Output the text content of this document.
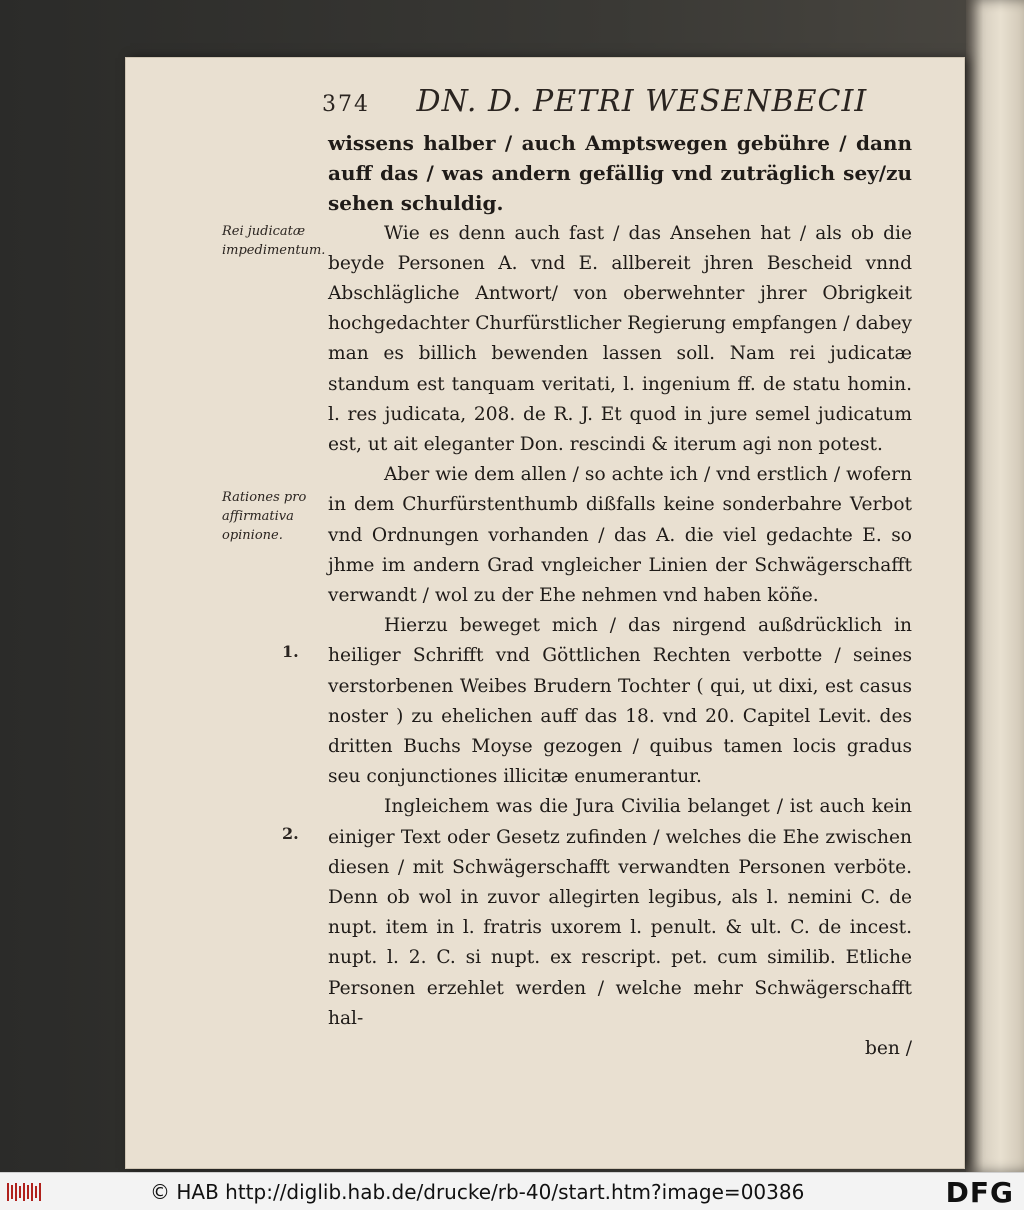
374 DN. D. PETRI WESENBECII
Rei judicatæ impedimentum.
Rationes pro affirmativa opinione.
1.
2.

wissens halber / auch Amptswegen gebühre / dann auff das / was andern gefällig vnd zuträglich sey/zu sehen schuldig.

Wie es denn auch fast / das Ansehen hat / als ob die beyde Personen A. vnd E. allbereit jhren Bescheid vnnd Abschlägliche Antwort/ von oberwehnter jhrer Obrigkeit hochgedachter Churfürstlicher Regierung empfangen / dabey man es billich bewenden lassen soll. Nam rei judicatæ standum est tanquam veritati, l. ingenium ff. de statu homin. l. res judicata, 208. de R. J. Et quod in jure semel judicatum est, ut ait eleganter Don. rescindi & iterum agi non potest.

Aber wie dem allen / so achte ich / vnd erstlich / wofern in dem Churfürstenthumb dißfalls keine sonderbahre Verbot vnd Ordnungen vorhanden / das A. die viel gedachte E. so jhme im andern Grad vngleicher Linien der Schwägerschafft verwandt / wol zu der Ehe nehmen vnd haben köñe.

Hierzu beweget mich / das nirgend außdrücklich in heiliger Schrifft vnd Göttlichen Rechten verbotte / seines verstorbenen Weibes Brudern Tochter ( qui, ut dixi, est casus noster ) zu ehelichen auff das 18. vnd 20. Capitel Levit. des dritten Buchs Moyse gezogen / quibus tamen locis gradus seu conjunctiones illicitæ enumerantur.

Ingleichem was die Jura Civilia belanget / ist auch kein einiger Text oder Gesetz zufinden / welches die Ehe zwischen diesen / mit Schwägerschafft verwandten Personen verböte. Denn ob wol in zuvor allegirten legibus, als l. nemini C. de nupt. item in l. fratris uxorem l. penult. & ult. C. de incest. nupt. l. 2. C. si nupt. ex rescript. pet. cum similib. Etliche Personen erzehlet werden / welche mehr Schwägerschafft hal-

ben /

© HAB http://diglib.hab.de/drucke/rb-40/start.htm?image=00386	DFG
